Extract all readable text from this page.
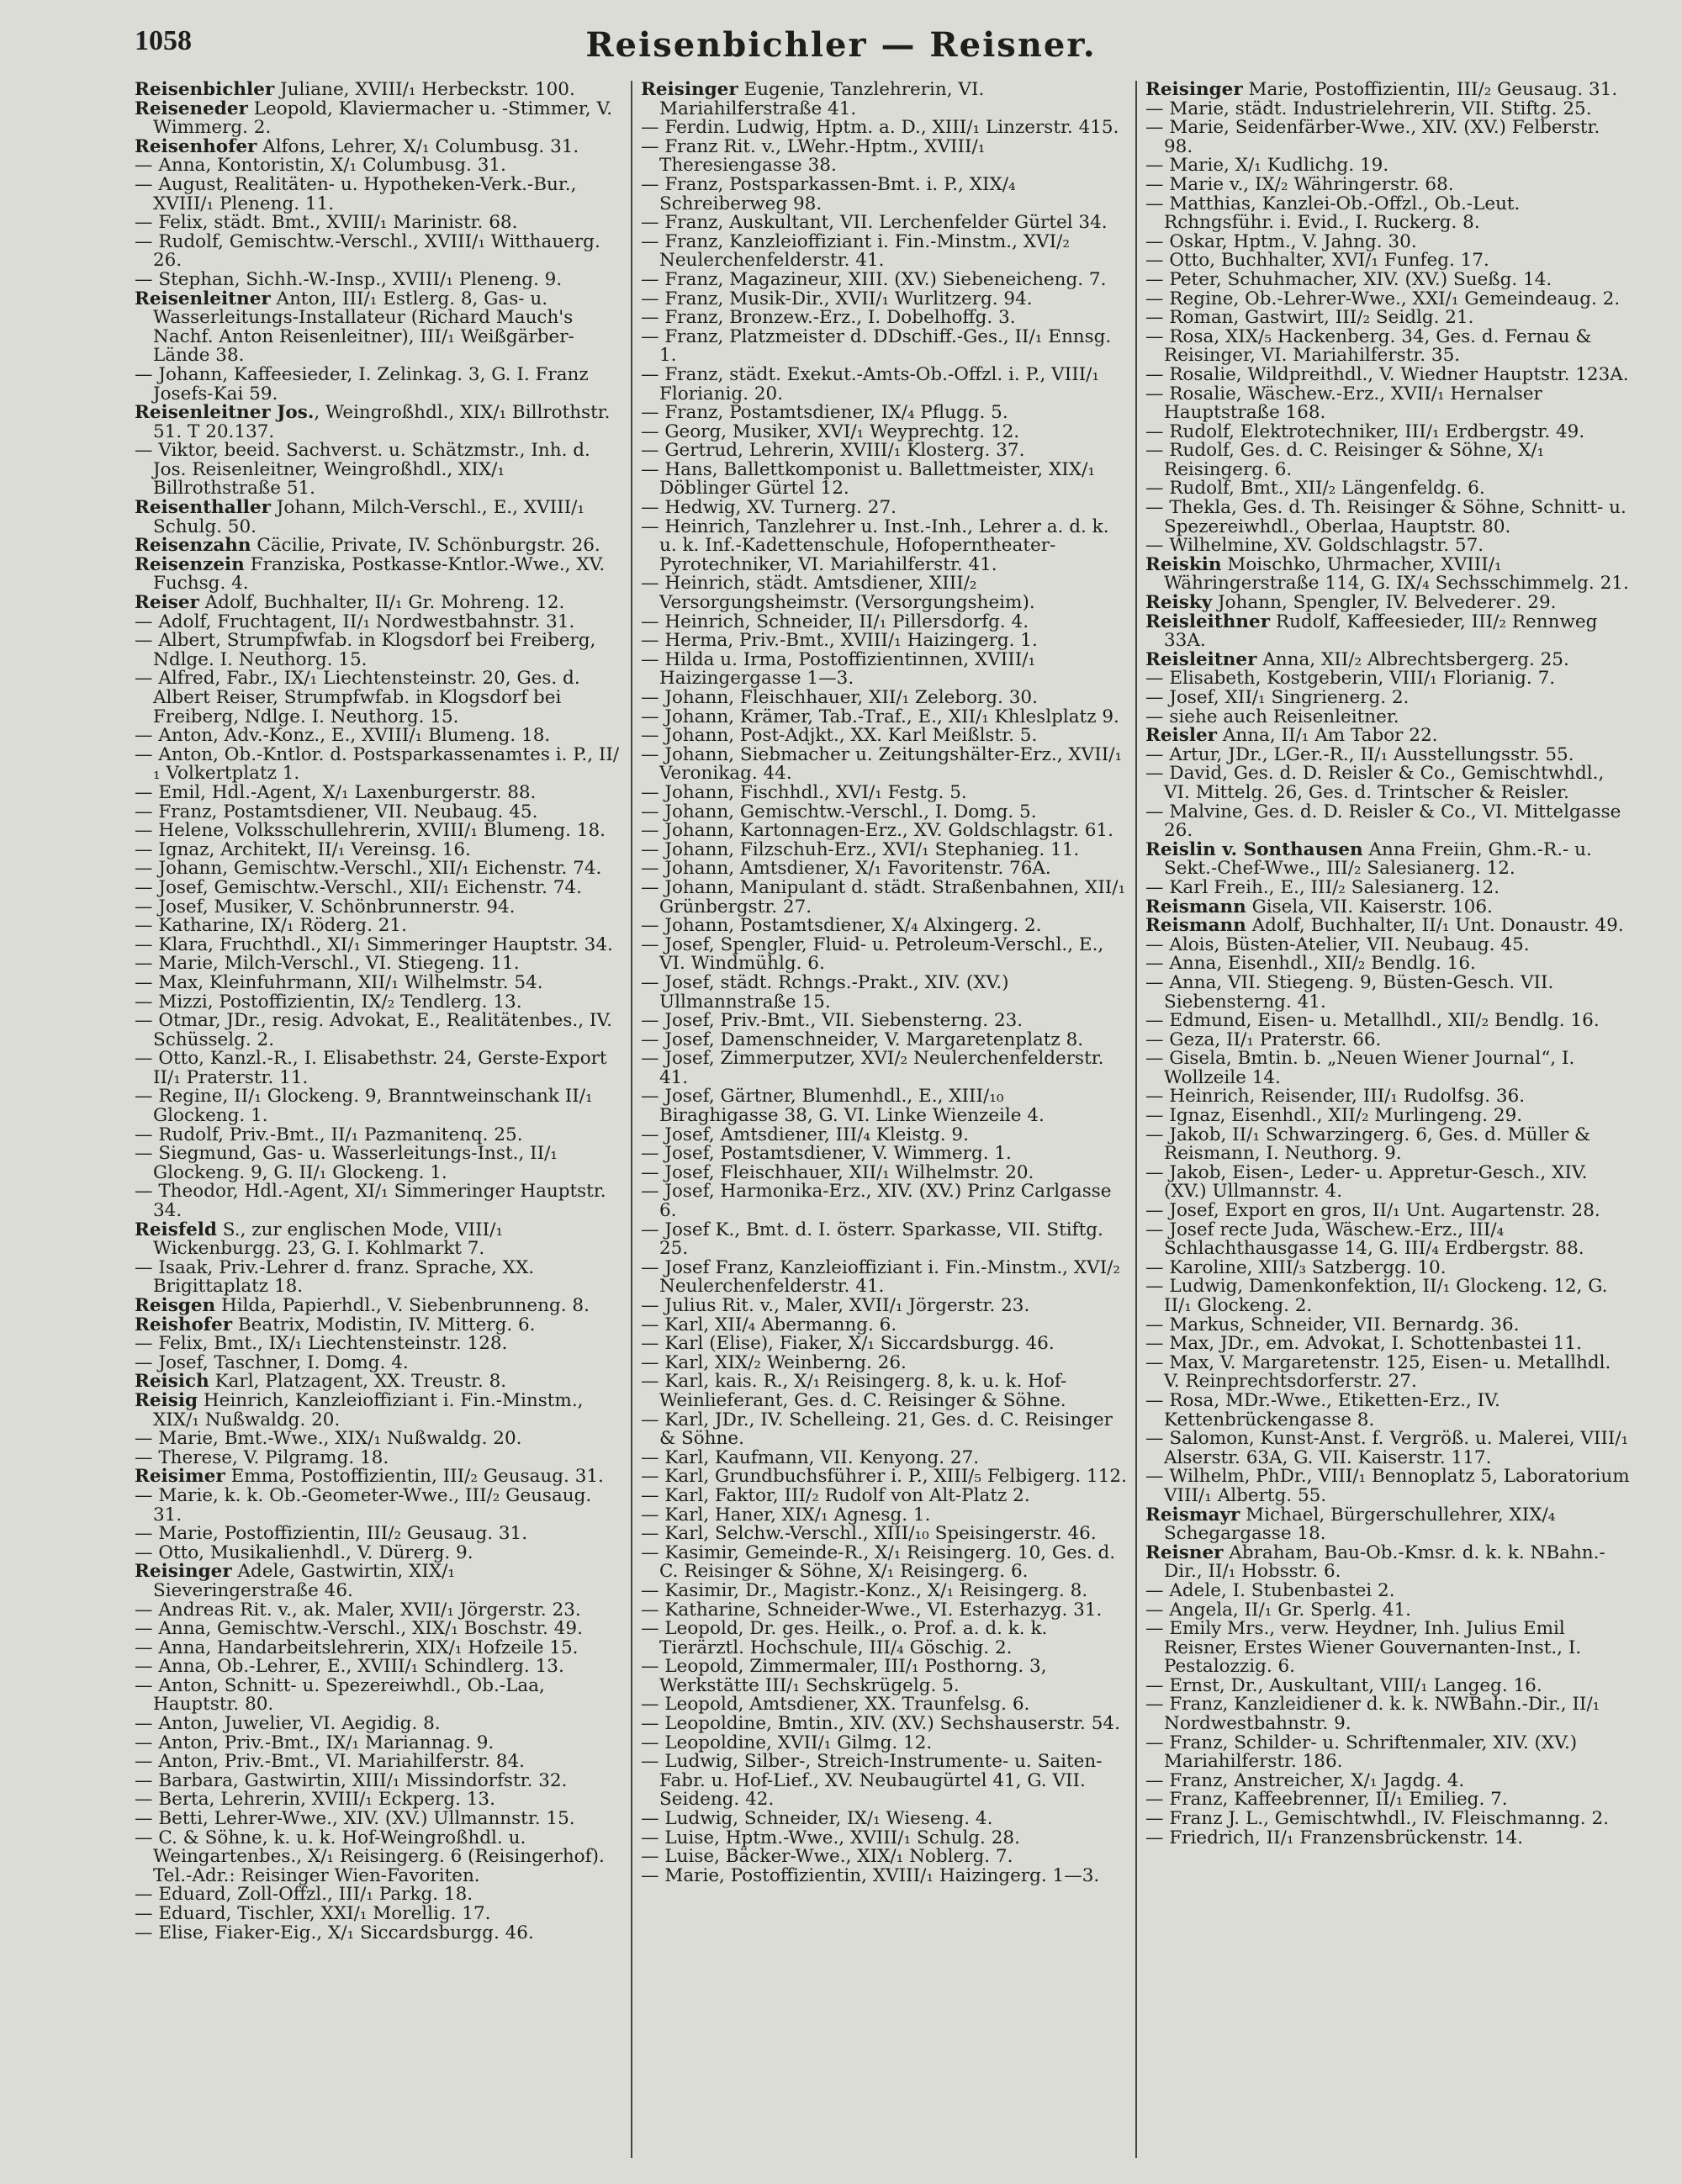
1058	Reisenbichler — Reisner.

Reisenbichler Juliane, XVIII/₁ Herbeckstr. 100.

Reiseneder Leopold, Klaviermacher u. -Stimmer, V. Wimmerg. 2.

Reisenhofer Alfons, Lehrer, X/₁ Columbusg. 31.

— Anna, Kontoristin, X/₁ Columbusg. 31.

— August, Realitäten- u. Hypotheken-Verk.-Bur., XVIII/₁ Pleneng. 11.

— Felix, städt. Bmt., XVIII/₁ Marinistr. 68.

— Rudolf, Gemischtw.-Verschl., XVIII/₁ Witthauerg. 26.

— Stephan, Sichh.-W.-Insp., XVIII/₁ Pleneng. 9.

Reisenleitner Anton, III/₁ Estlerg. 8, Gas- u. Wasserleitungs-Installateur (Richard Mauch's Nachf. Anton Reisenleitner), III/₁ Weißgärber-Lände 38.

— Johann, Kaffeesieder, I. Zelinkag. 3, G. I. Franz Josefs-Kai 59.

Reisenleitner Jos., Weingroßhdl., XIX/₁ Billrothstr. 51. T 20.137.

— Viktor, beeid. Sachverst. u. Schätzmstr., Inh. d. Jos. Reisenleitner, Weingroßhdl., XIX/₁ Billrothstraße 51.

Reisenthaller Johann, Milch-Verschl., E., XVIII/₁ Schulg. 50.

Reisenzahn Cäcilie, Private, IV. Schönburgstr. 26.

Reisenzein Franziska, Postkasse-Kntlor.-Wwe., XV. Fuchsg. 4.

Reiser Adolf, Buchhalter, II/₁ Gr. Mohreng. 12.

— Adolf, Fruchtagent, II/₁ Nordwestbahnstr. 31.

— Albert, Strumpfwfab. in Klogsdorf bei Freiberg, Ndlge. I. Neuthorg. 15.

— Alfred, Fabr., IX/₁ Liechtensteinstr. 20, Ges. d. Albert Reiser, Strumpfwfab. in Klogsdorf bei Freiberg, Ndlge. I. Neuthorg. 15.

— Anton, Adv.-Konz., E., XVIII/₁ Blumeng. 18.

— Anton, Ob.-Kntlor. d. Postsparkassenamtes i. P., II/₁ Volkertplatz 1.

— Emil, Hdl.-Agent, X/₁ Laxenburgerstr. 88.

— Franz, Postamtsdiener, VII. Neubaug. 45.

— Helene, Volksschullehrerin, XVIII/₁ Blumeng. 18.

— Ignaz, Architekt, II/₁ Vereinsg. 16.

— Johann, Gemischtw.-Verschl., XII/₁ Eichenstr. 74.

— Josef, Gemischtw.-Verschl., XII/₁ Eichenstr. 74.

— Josef, Musiker, V. Schönbrunnerstr. 94.

— Katharine, IX/₁ Röderg. 21.

— Klara, Fruchthdl., XI/₁ Simmeringer Hauptstr. 34.

— Marie, Milch-Verschl., VI. Stiegeng. 11.

— Max, Kleinfuhrmann, XII/₁ Wilhelmstr. 54.

— Mizzi, Postoffizientin, IX/₂ Tendlerg. 13.

— Otmar, JDr., resig. Advokat, E., Realitätenbes., IV. Schüsselg. 2.

— Otto, Kanzl.-R., I. Elisabethstr. 24, Gerste-Export II/₁ Praterstr. 11.

— Regine, II/₁ Glockeng. 9, Branntweinschank II/₁ Glockeng. 1.

— Rudolf, Priv.-Bmt., II/₁ Pazmanitenq. 25.

— Siegmund, Gas- u. Wasserleitungs-Inst., II/₁ Glockeng. 9, G. II/₁ Glockeng. 1.

— Theodor, Hdl.-Agent, XI/₁ Simmeringer Hauptstr. 34.

Reisfeld S., zur englischen Mode, VIII/₁ Wickenburgg. 23, G. I. Kohlmarkt 7.

— Isaak, Priv.-Lehrer d. franz. Sprache, XX. Brigittaplatz 18.

Reisgen Hilda, Papierhdl., V. Siebenbrunneng. 8.

Reishofer Beatrix, Modistin, IV. Mitterg. 6.

— Felix, Bmt., IX/₁ Liechtensteinstr. 128.

— Josef, Taschner, I. Domg. 4.

Reisich Karl, Platzagent, XX. Treustr. 8.

Reisig Heinrich, Kanzleioffiziant i. Fin.-Minstm., XIX/₁ Nußwaldg. 20.

— Marie, Bmt.-Wwe., XIX/₁ Nußwaldg. 20.

— Therese, V. Pilgramg. 18.

Reisimer Emma, Postoffizientin, III/₂ Geusaug. 31.

— Marie, k. k. Ob.-Geometer-Wwe., III/₂ Geusaug. 31.

— Marie, Postoffizientin, III/₂ Geusaug. 31.

— Otto, Musikalienhdl., V. Dürerg. 9.

Reisinger Adele, Gastwirtin, XIX/₁ Sieveringerstraße 46.

— Andreas Rit. v., ak. Maler, XVII/₁ Jörgerstr. 23.

— Anna, Gemischtw.-Verschl., XIX/₁ Boschstr. 49.

— Anna, Handarbeitslehrerin, XIX/₁ Hofzeile 15.

— Anna, Ob.-Lehrer, E., XVIII/₁ Schindlerg. 13.

— Anton, Schnitt- u. Spezereiwhdl., Ob.-Laa, Hauptstr. 80.

— Anton, Juwelier, VI. Aegidig. 8.

— Anton, Priv.-Bmt., IX/₁ Mariannag. 9.

— Anton, Priv.-Bmt., VI. Mariahilferstr. 84.

— Barbara, Gastwirtin, XIII/₁ Missindorfstr. 32.

— Berta, Lehrerin, XVIII/₁ Eckperg. 13.

— Betti, Lehrer-Wwe., XIV. (XV.) Ullmannstr. 15.

— C. & Söhne, k. u. k. Hof-Weingroßhdl. u. Weingartenbes., X/₁ Reisingerg. 6 (Reisingerhof). Tel.-Adr.: Reisinger Wien-Favoriten.

— Eduard, Zoll-Offzl., III/₁ Parkg. 18.

— Eduard, Tischler, XXI/₁ Morellig. 17.

— Elise, Fiaker-Eig., X/₁ Siccardsburgg. 46.

Reisinger Eugenie, Tanzlehrerin, VI. Mariahilferstraße 41.

— Ferdin. Ludwig, Hptm. a. D., XIII/₁ Linzerstr. 415.

— Franz Rit. v., LWehr.-Hptm., XVIII/₁ Theresiengasse 38.

— Franz, Postsparkassen-Bmt. i. P., XIX/₄ Schreiberweg 98.

— Franz, Auskultant, VII. Lerchenfelder Gürtel 34.

— Franz, Kanzleioffiziant i. Fin.-Minstm., XVI/₂ Neulerchenfelderstr. 41.

— Franz, Magazineur, XIII. (XV.) Siebeneicheng. 7.

— Franz, Musik-Dir., XVII/₁ Wurlitzerg. 94.

— Franz, Bronzew.-Erz., I. Dobelhoffg. 3.

— Franz, Platzmeister d. DDschiff.-Ges., II/₁ Ennsg. 1.

— Franz, städt. Exekut.-Amts-Ob.-Offzl. i. P., VIII/₁ Florianig. 20.

— Franz, Postamtsdiener, IX/₄ Pflugg. 5.

— Georg, Musiker, XVI/₁ Weyprechtg. 12.

— Gertrud, Lehrerin, XVIII/₁ Klosterg. 37.

— Hans, Ballettkomponist u. Ballettmeister, XIX/₁ Döblinger Gürtel 12.

— Hedwig, XV. Turnerg. 27.

— Heinrich, Tanzlehrer u. Inst.-Inh., Lehrer a. d. k. u. k. Inf.-Kadettenschule, Hofoperntheater-Pyrotechniker, VI. Mariahilferstr. 41.

— Heinrich, städt. Amtsdiener, XIII/₂ Versorgungsheimstr. (Versorgungsheim).

— Heinrich, Schneider, II/₁ Pillersdorfg. 4.

— Herma, Priv.-Bmt., XVIII/₁ Haizingerg. 1.

— Hilda u. Irma, Postoffizientinnen, XVIII/₁ Haizingergasse 1—3.

— Johann, Fleischhauer, XII/₁ Zeleborg. 30.

— Johann, Krämer, Tab.-Traf., E., XII/₁ Khleslplatz 9.

— Johann, Post-Adjkt., XX. Karl Meißlstr. 5.

— Johann, Siebmacher u. Zeitungshälter-Erz., XVII/₁ Veronikag. 44.

— Johann, Fischhdl., XVI/₁ Festg. 5.

— Johann, Gemischtw.-Verschl., I. Domg. 5.

— Johann, Kartonnagen-Erz., XV. Goldschlagstr. 61.

— Johann, Filzschuh-Erz., XVI/₁ Stephanieg. 11.

— Johann, Amtsdiener, X/₁ Favoritenstr. 76A.

— Johann, Manipulant d. städt. Straßenbahnen, XII/₁ Grünbergstr. 27.

— Johann, Postamtsdiener, X/₄ Alxingerg. 2.

— Josef, Spengler, Fluid- u. Petroleum-Verschl., E., VI. Windmühlg. 6.

— Josef, städt. Rchngs.-Prakt., XIV. (XV.) Ullmannstraße 15.

— Josef, Priv.-Bmt., VII. Siebensterng. 23.

— Josef, Damenschneider, V. Margaretenplatz 8.

— Josef, Zimmerputzer, XVI/₂ Neulerchenfelderstr. 41.

— Josef, Gärtner, Blumenhdl., E., XIII/₁₀ Biraghigasse 38, G. VI. Linke Wienzeile 4.

— Josef, Amtsdiener, III/₄ Kleistg. 9.

— Josef, Postamtsdiener, V. Wimmerg. 1.

— Josef, Fleischhauer, XII/₁ Wilhelmstr. 20.

— Josef, Harmonika-Erz., XIV. (XV.) Prinz Carlgasse 6.

— Josef K., Bmt. d. I. österr. Sparkasse, VII. Stiftg. 25.

— Josef Franz, Kanzleioffiziant i. Fin.-Minstm., XVI/₂ Neulerchenfelderstr. 41.

— Julius Rit. v., Maler, XVII/₁ Jörgerstr. 23.

— Karl, XII/₄ Abermanng. 6.

— Karl (Elise), Fiaker, X/₁ Siccardsburgg. 46.

— Karl, XIX/₂ Weinberng. 26.

— Karl, kais. R., X/₁ Reisingerg. 8, k. u. k. Hof-Weinlieferant, Ges. d. C. Reisinger & Söhne.

— Karl, JDr., IV. Schelleing. 21, Ges. d. C. Reisinger & Söhne.

— Karl, Kaufmann, VII. Kenyong. 27.

— Karl, Grundbuchsführer i. P., XIII/₅ Felbigerg. 112.

— Karl, Faktor, III/₂ Rudolf von Alt-Platz 2.

— Karl, Haner, XIX/₁ Agnesg. 1.

— Karl, Selchw.-Verschl., XIII/₁₀ Speisingerstr. 46.

— Kasimir, Gemeinde-R., X/₁ Reisingerg. 10, Ges. d. C. Reisinger & Söhne, X/₁ Reisingerg. 6.

— Kasimir, Dr., Magistr.-Konz., X/₁ Reisingerg. 8.

— Katharine, Schneider-Wwe., VI. Esterhazyg. 31.

— Leopold, Dr. ges. Heilk., o. Prof. a. d. k. k. Tierärztl. Hochschule, III/₄ Göschig. 2.

— Leopold, Zimmermaler, III/₁ Posthorng. 3, Werkstätte III/₁ Sechskrügelg. 5.

— Leopold, Amtsdiener, XX. Traunfelsg. 6.

— Leopoldine, Bmtin., XIV. (XV.) Sechshauserstr. 54.

— Leopoldine, XVII/₁ Gilmg. 12.

— Ludwig, Silber-, Streich-Instrumente- u. Saiten-Fabr. u. Hof-Lief., XV. Neubaugürtel 41, G. VII. Seideng. 42.

— Ludwig, Schneider, IX/₁ Wieseng. 4.

— Luise, Hptm.-Wwe., XVIII/₁ Schulg. 28.

— Luise, Bäcker-Wwe., XIX/₁ Noblerg. 7.

— Marie, Postoffizientin, XVIII/₁ Haizingerg. 1—3.

Reisinger Marie, Postoffizientin, III/₂ Geusaug. 31.

— Marie, städt. Industrielehrerin, VII. Stiftg. 25.

— Marie, Seidenfärber-Wwe., XIV. (XV.) Felberstr. 98.

— Marie, X/₁ Kudlichg. 19.

— Marie v., IX/₂ Währingerstr. 68.

— Matthias, Kanzlei-Ob.-Offzl., Ob.-Leut. Rchngsführ. i. Evid., I. Ruckerg. 8.

— Oskar, Hptm., V. Jahng. 30.

— Otto, Buchhalter, XVI/₁ Funfeg. 17.

— Peter, Schuhmacher, XIV. (XV.) Sueßg. 14.

— Regine, Ob.-Lehrer-Wwe., XXI/₁ Gemeindeaug. 2.

— Roman, Gastwirt, III/₂ Seidlg. 21.

— Rosa, XIX/₅ Hackenberg. 34, Ges. d. Fernau & Reisinger, VI. Mariahilferstr. 35.

— Rosalie, Wildpreithdl., V. Wiedner Hauptstr. 123A.

— Rosalie, Wäschew.-Erz., XVII/₁ Hernalser Hauptstraße 168.

— Rudolf, Elektrotechniker, III/₁ Erdbergstr. 49.

— Rudolf, Ges. d. C. Reisinger & Söhne, X/₁ Reisingerg. 6.

— Rudolf, Bmt., XII/₂ Längenfeldg. 6.

— Thekla, Ges. d. Th. Reisinger & Söhne, Schnitt- u. Spezereiwhdl., Oberlaa, Hauptstr. 80.

— Wilhelmine, XV. Goldschlagstr. 57.

Reiskin Moischko, Uhrmacher, XVIII/₁ Währingerstraße 114, G. IX/₄ Sechsschimmelg. 21.

Reisky Johann, Spengler, IV. Belvederег. 29.

Reisleithner Rudolf, Kaffeesieder, III/₂ Rennweg 33A.

Reisleitner Anna, XII/₂ Albrechtsbergerg. 25.

— Elisabeth, Kostgeberin, VIII/₁ Florianig. 7.

— Josef, XII/₁ Singrienerg. 2.

— siehe auch Reisenleitner.

Reisler Anna, II/₁ Am Tabor 22.

— Artur, JDr., LGer.-R., II/₁ Ausstellungsstr. 55.

— David, Ges. d. D. Reisler & Co., Gemischtwhdl., VI. Mittelg. 26, Ges. d. Trintscher & Reisler.

— Malvine, Ges. d. D. Reisler & Co., VI. Mittelgasse 26.

Reislin v. Sonthausen Anna Freiin, Ghm.-R.- u. Sekt.-Chef-Wwe., III/₂ Salesianerg. 12.

— Karl Freih., E., III/₂ Salesianerg. 12.

Reismann Gisela, VII. Kaiserstr. 106.

Reismann Adolf, Buchhalter, II/₁ Unt. Donaustr. 49.

— Alois, Büsten-Atelier, VII. Neubaug. 45.

— Anna, Eisenhdl., XII/₂ Bendlg. 16.

— Anna, VII. Stiegeng. 9, Büsten-Gesch. VII. Siebensterng. 41.

— Edmund, Eisen- u. Metallhdl., XII/₂ Bendlg. 16.

— Geza, II/₁ Praterstr. 66.

— Gisela, Bmtin. b. „Neuen Wiener Journal“, I. Wollzeile 14.

— Heinrich, Reisender, III/₁ Rudolfsg. 36.

— Ignaz, Eisenhdl., XII/₂ Murlingeng. 29.

— Jakob, II/₁ Schwarzingerg. 6, Ges. d. Müller & Reismann, I. Neuthorg. 9.

— Jakob, Eisen-, Leder- u. Appretur-Gesch., XIV. (XV.) Ullmannstr. 4.

— Josef, Export en gros, II/₁ Unt. Augartenstr. 28.

— Josef recte Juda, Wäschew.-Erz., III/₄ Schlachthausgasse 14, G. III/₄ Erdbergstr. 88.

— Karoline, XIII/₃ Satzbergg. 10.

— Ludwig, Damenkonfektion, II/₁ Glockeng. 12, G. II/₁ Glockeng. 2.

— Markus, Schneider, VII. Bernardg. 36.

— Max, JDr., em. Advokat, I. Schottenbastei 11.

— Max, V. Margaretenstr. 125, Eisen- u. Metallhdl. V. Reinprechtsdorferstr. 27.

— Rosa, MDr.-Wwe., Etiketten-Erz., IV. Kettenbrückengasse 8.

— Salomon, Kunst-Anst. f. Vergröß. u. Malerei, VIII/₁ Alserstr. 63A, G. VII. Kaiserstr. 117.

— Wilhelm, PhDr., VIII/₁ Bennoplatz 5, Laboratorium VIII/₁ Albertg. 55.

Reismayr Michael, Bürgerschullehrer, XIX/₄ Schegargasse 18.

Reisner Abraham, Bau-Ob.-Kmsr. d. k. k. NBahn.-Dir., II/₁ Hobsstr. 6.

— Adele, I. Stubenbastei 2.

— Angela, II/₁ Gr. Sperlg. 41.

— Emily Mrs., verw. Heydner, Inh. Julius Emil Reisner, Erstes Wiener Gouvernanten-Inst., I. Pestalozzig. 6.

— Ernst, Dr., Auskultant, VIII/₁ Langeg. 16.

— Franz, Kanzleidiener d. k. k. NWBahn.-Dir., II/₁ Nordwestbahnstr. 9.

— Franz, Schilder- u. Schriftenmaler, XIV. (XV.) Mariahilferstr. 186.

— Franz, Anstreicher, X/₁ Jagdg. 4.

— Franz, Kaffeebrenner, II/₁ Emilieg. 7.

— Franz J. L., Gemischtwhdl., IV. Fleischmanng. 2.

— Friedrich, II/₁ Franzensbrückenstr. 14.
